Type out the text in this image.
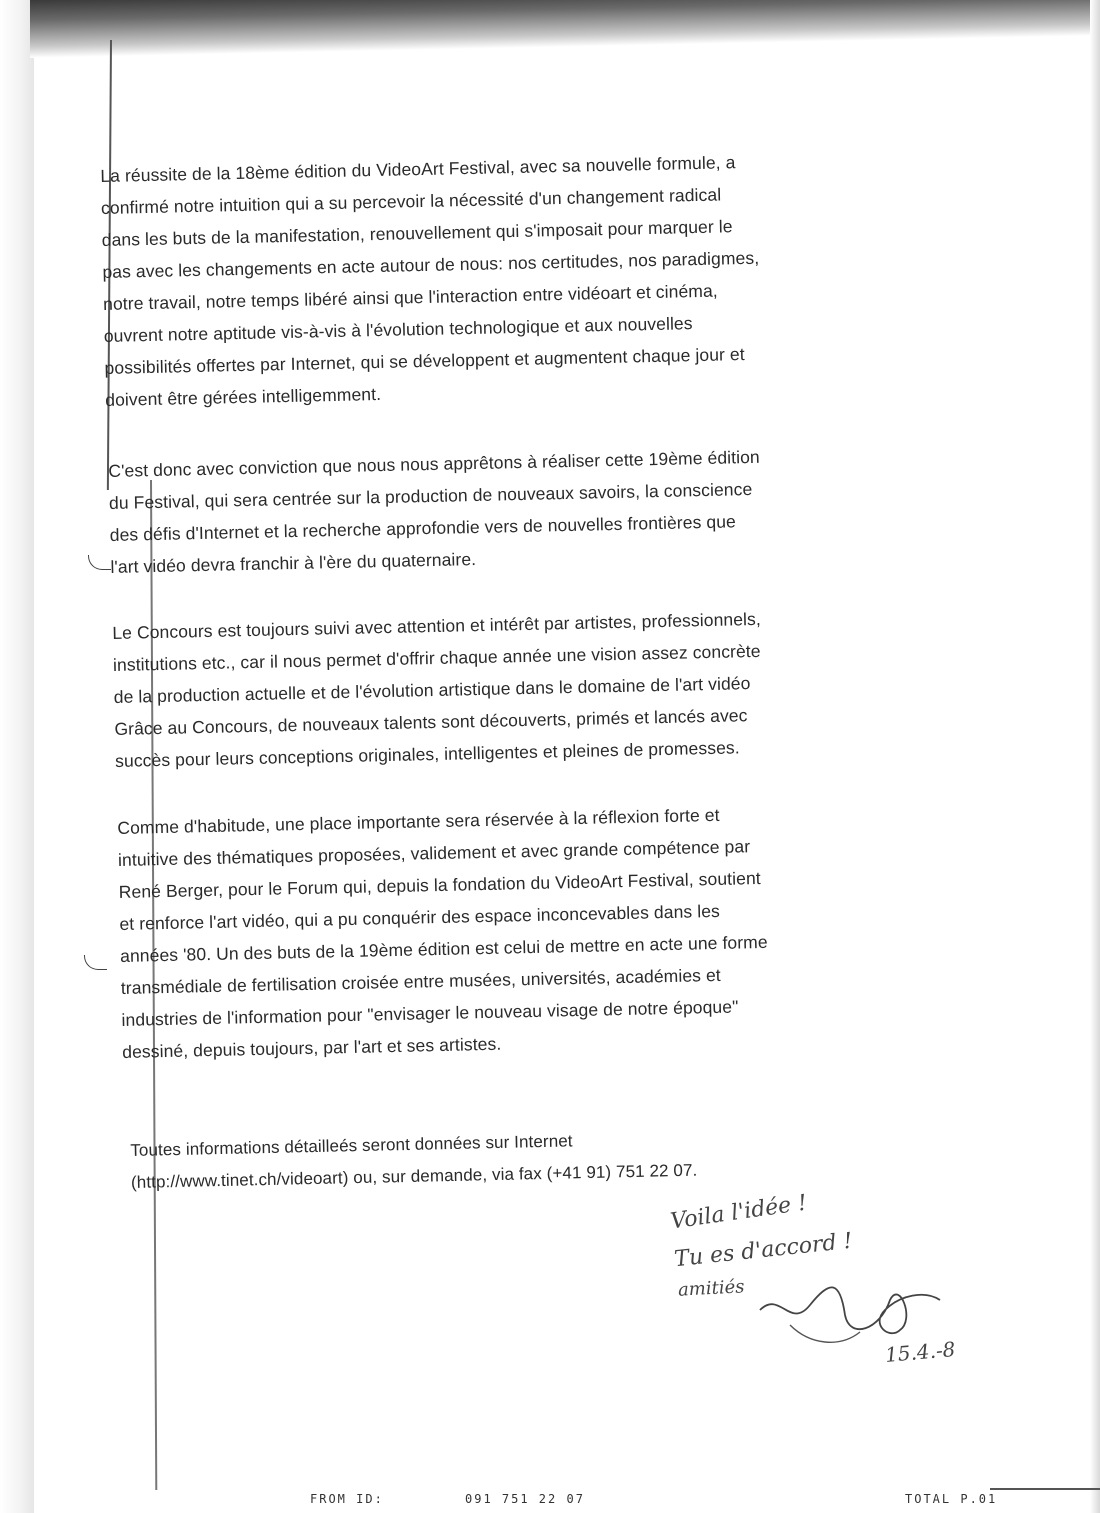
La réussite de la 18ème édition du VideoArt Festival, avec sa nouvelle formule, a
confirmé notre intuition qui a su percevoir la nécessité d'un changement radical
dans les buts de la manifestation, renouvellement qui s'imposait pour marquer le
pas avec les changements en acte autour de nous: nos certitudes, nos paradigmes,
notre travail, notre temps libéré ainsi que l'interaction entre vidéoart et cinéma,
ouvrent notre aptitude vis-à-vis à l'évolution technologique et aux nouvelles
possibilités offertes par Internet, qui se développent et augmentent chaque jour et
doivent être gérées intelligemment.
C'est donc avec conviction que nous nous apprêtons à réaliser cette 19ème édition
du Festival, qui sera centrée sur la production de nouveaux savoirs, la conscience
des défis d'Internet et la recherche approfondie vers de nouvelles frontières que
l'art vidéo devra franchir à l'ère du quaternaire.
Le Concours est toujours suivi avec attention et intérêt par artistes, professionnels,
institutions etc., car il nous permet d'offrir chaque année une vision assez concrète
de la production actuelle et de l'évolution artistique dans le domaine de l'art vidéo
Grâce au Concours, de nouveaux talents sont découverts, primés et lancés avec
succès pour leurs conceptions originales, intelligentes et pleines de promesses.
Comme d'habitude, une place importante sera réservée à la réflexion forte et
intuitive des thématiques proposées, validement et avec grande compétence par
René Berger, pour le Forum qui, depuis la fondation du VideoArt Festival, soutient
et renforce l'art vidéo, qui a pu conquérir des espace inconcevables dans les
années '80. Un des buts de la 19ème édition est celui de mettre en acte une forme
transmédiale de fertilisation croisée entre musées, universités, académies et
industries de l'information pour "envisager le nouveau visage de notre époque"
dessiné, depuis toujours, par l'art et ses artistes.
Toutes informations détailleés seront données sur Internet
(http://www.tinet.ch/videoart) ou, sur demande, via fax (+41 91) 751 22 07.
Voila l'idée !
Tu es d'accord !
amitiés
15.4.-8
FROM ID:	091 751 22 07	TOTAL P.01
